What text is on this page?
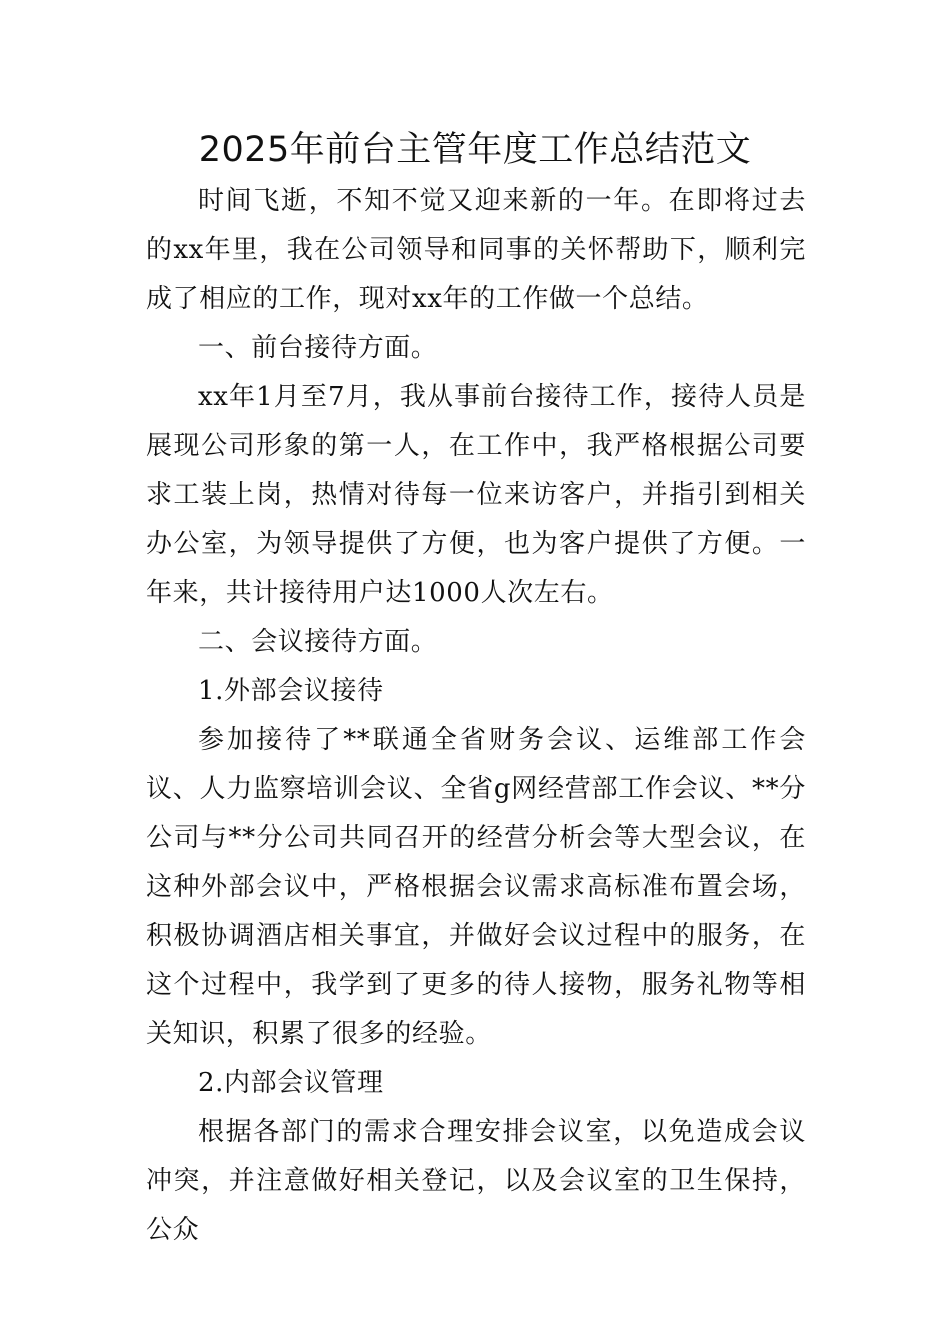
2025年前台主管年度工作总结范文

时间飞逝，不知不觉又迎来新的一年。在即将过去的xx年里，我在公司领导和同事的关怀帮助下，顺利完成了相应的工作，现对xx年的工作做一个总结。

一、前台接待方面。

xx年1月至7月，我从事前台接待工作，接待人员是展现公司形象的第一人，在工作中，我严格根据公司要求工装上岗，热情对待每一位来访客户，并指引到相关办公室，为领导提供了方便，也为客户提供了方便。一年来，共计接待用户达1000人次左右。

二、会议接待方面。

1.外部会议接待

参加接待了**联通全省财务会议、运维部工作会议、人力监察培训会议、全省g网经营部工作会议、**分公司与**分公司共同召开的经营分析会等大型会议，在这种外部会议中，严格根据会议需求高标准布置会场，积极协调酒店相关事宜，并做好会议过程中的服务，在这个过程中，我学到了更多的待人接物，服务礼物等相关知识，积累了很多的经验。

2.内部会议管理

根据各部门的需求合理安排会议室，以免造成会议冲突，并注意做好相关登记，以及会议室的卫生保持，公众
